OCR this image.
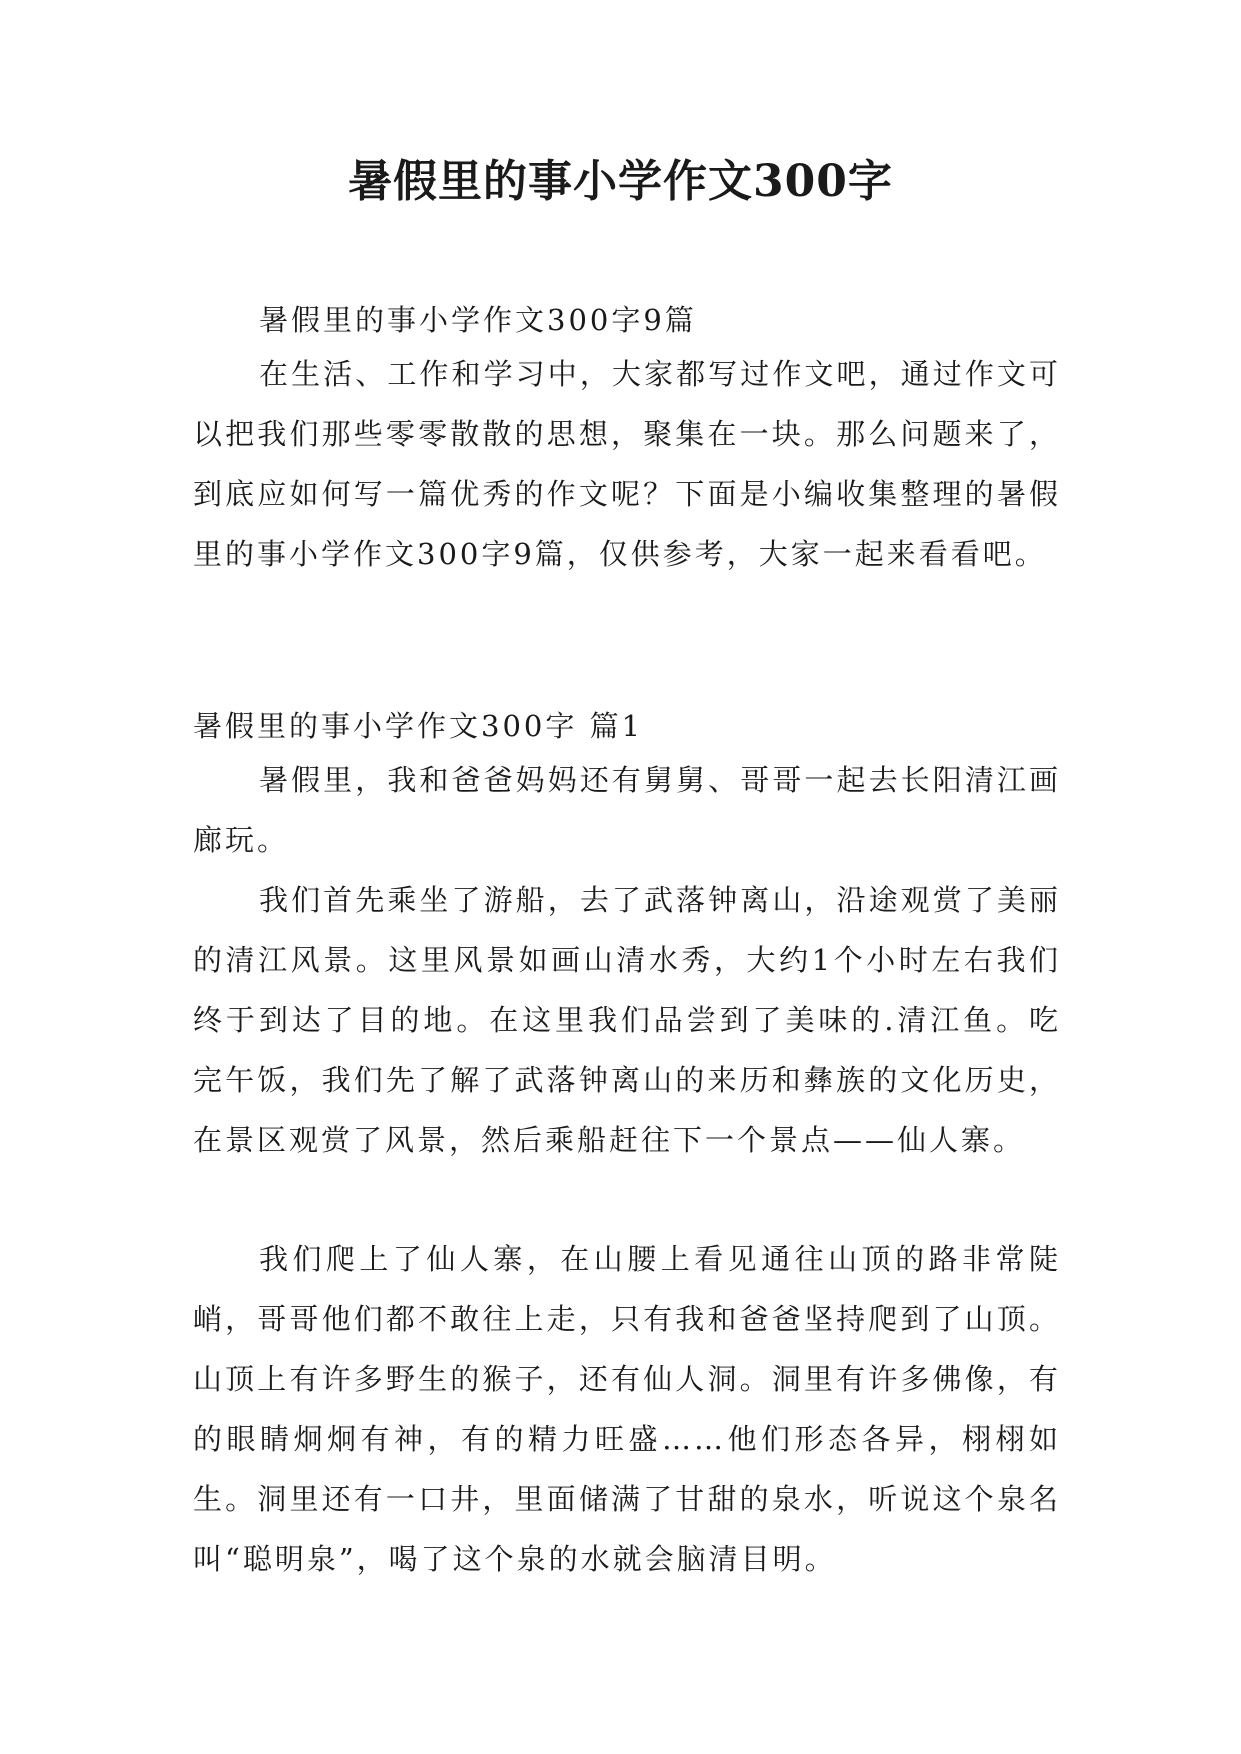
暑假里的事小学作文300字

暑假里的事小学作文300字9篇

在生活、工作和学习中，大家都写过作文吧，通过作文可以把我们那些零零散散的思想，聚集在一块。那么问题来了，到底应如何写一篇优秀的作文呢？下面是小编收集整理的暑假里的事小学作文300字9篇，仅供参考，大家一起来看看吧。

暑假里的事小学作文300字 篇1

暑假里，我和爸爸妈妈还有舅舅、哥哥一起去长阳清江画廊玩。

我们首先乘坐了游船，去了武落钟离山，沿途观赏了美丽的清江风景。这里风景如画山清水秀，大约1个小时左右我们终于到达了目的地。在这里我们品尝到了美味的.清江鱼。吃完午饭，我们先了解了武落钟离山的来历和彝族的文化历史，在景区观赏了风景，然后乘船赶往下一个景点——仙人寨。

我们爬上了仙人寨，在山腰上看见通往山顶的路非常陡峭，哥哥他们都不敢往上走，只有我和爸爸坚持爬到了山顶。山顶上有许多野生的猴子，还有仙人洞。洞里有许多佛像，有的眼睛炯炯有神，有的精力旺盛……他们形态各异，栩栩如生。洞里还有一口井，里面储满了甘甜的泉水，听说这个泉名叫“聪明泉”，喝了这个泉的水就会脑清目明。
